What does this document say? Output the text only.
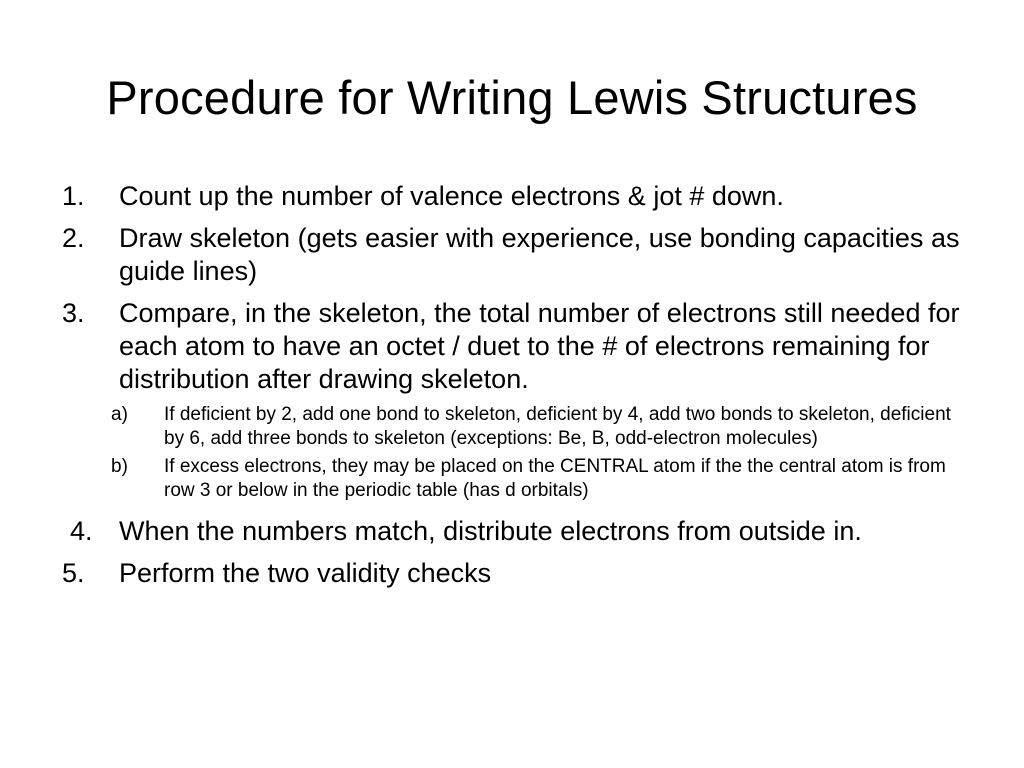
Procedure for Writing Lewis Structures
1. Count up the number of valence electrons & jot # down.
2. Draw skeleton (gets easier with experience, use bonding capacities as guide lines)
3. Compare, in the skeleton, the total number of electrons still needed for each atom to have an octet / duet to the # of electrons remaining for distribution after drawing skeleton.
a) If deficient by 2, add one bond to skeleton, deficient by 4, add two bonds to skeleton, deficient by 6, add three bonds to skeleton (exceptions: Be, B, odd-electron molecules)
b) If excess electrons, they may be placed on the CENTRAL atom if the the central atom is from row 3 or below in the periodic table (has d orbitals)
4. When the numbers match, distribute electrons from outside in.
5. Perform the two validity checks
